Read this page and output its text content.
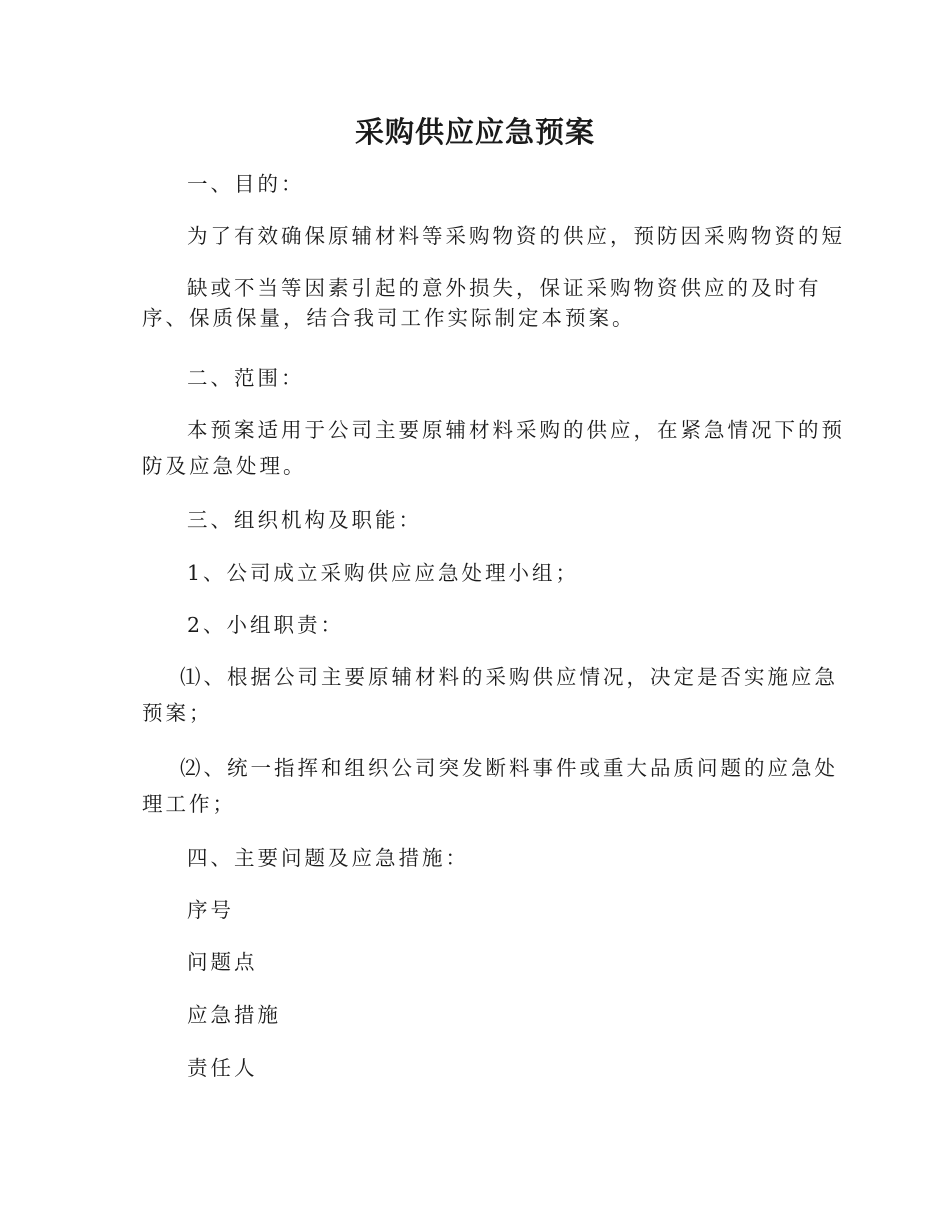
采购供应应急预案

一、目的：

为了有效确保原辅材料等采购物资的供应，预防因采购物资的短

缺或不当等因素引起的意外损失，保证采购物资供应的及时有
序、保质保量，结合我司工作实际制定本预案。

二、范围：

本预案适用于公司主要原辅材料采购的供应，在紧急情况下的预
防及应急处理。

三、组织机构及职能：

1、公司成立采购供应应急处理小组；

2、小组职责：

⑴、根据公司主要原辅材料的采购供应情况，决定是否实施应急
预案；

⑵、统一指挥和组织公司突发断料事件或重大品质问题的应急处
理工作；

四、主要问题及应急措施：

序号

问题点

应急措施

责任人
